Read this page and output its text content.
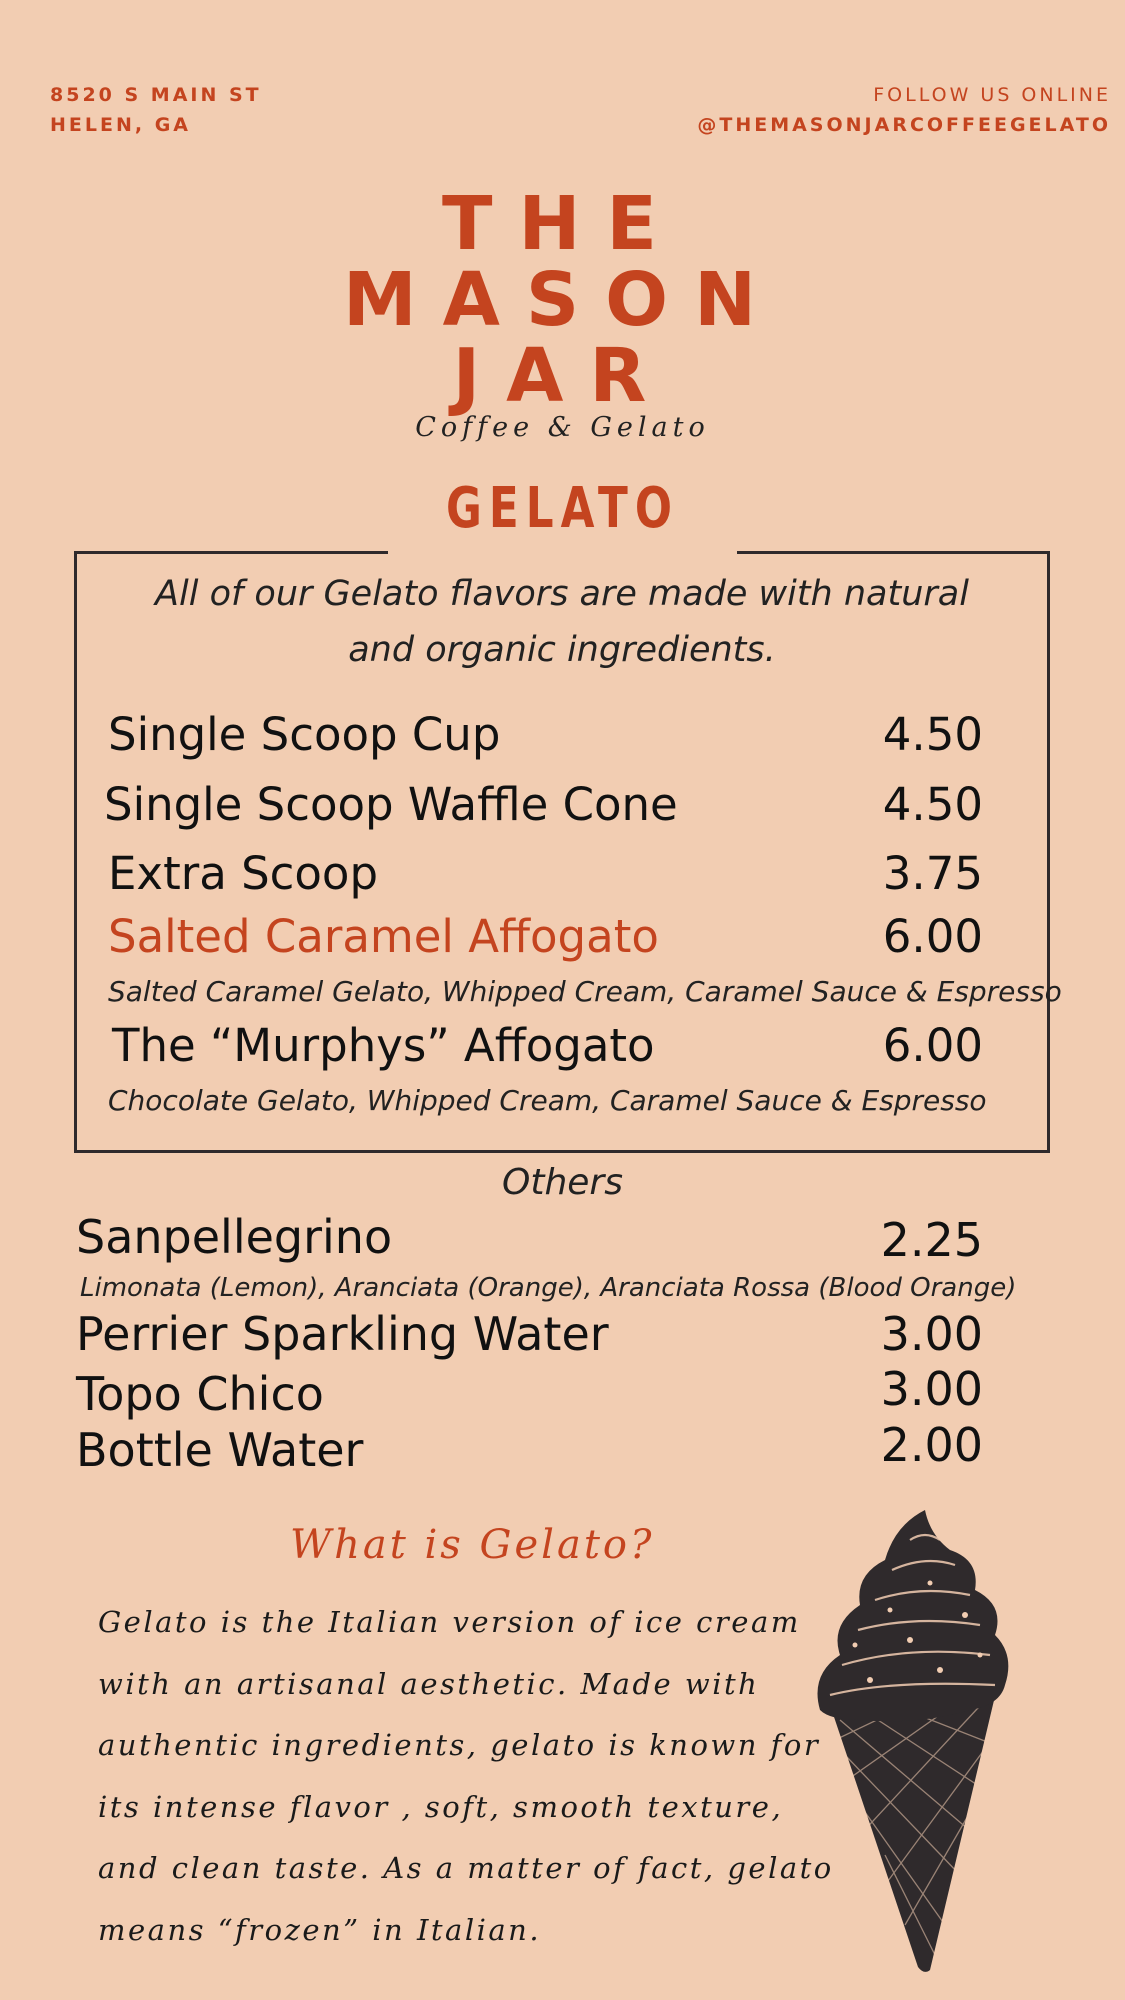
8520 S MAIN ST
HELEN, GA
FOLLOW US ONLINE
@THEMASONJARCOFFEEGELATO
THE
MASON
JAR
Coffee & Gelato
GELATO
All of our Gelato flavors are made with natural
and organic ingredients.
Single Scoop Cup	4.50
Single Scoop Waffle Cone	4.50
Extra Scoop	3.75
Salted Caramel Affogato	6.00
Salted Caramel Gelato, Whipped Cream, Caramel Sauce & Espresso
The “Murphys” Affogato	6.00
Chocolate Gelato, Whipped Cream, Caramel Sauce & Espresso
Others
Sanpellegrino	2.25
Limonata (Lemon), Aranciata (Orange), Aranciata Rossa (Blood Orange)
Perrier Sparkling Water	3.00
Topo Chico	3.00
Bottle Water	2.00
What is Gelato?
Gelato is the Italian version of ice cream
with an artisanal aesthetic. Made with
authentic ingredients, gelato is known for
its intense flavor , soft, smooth texture,
and clean taste. As a matter of fact, gelato
means “frozen” in Italian.
